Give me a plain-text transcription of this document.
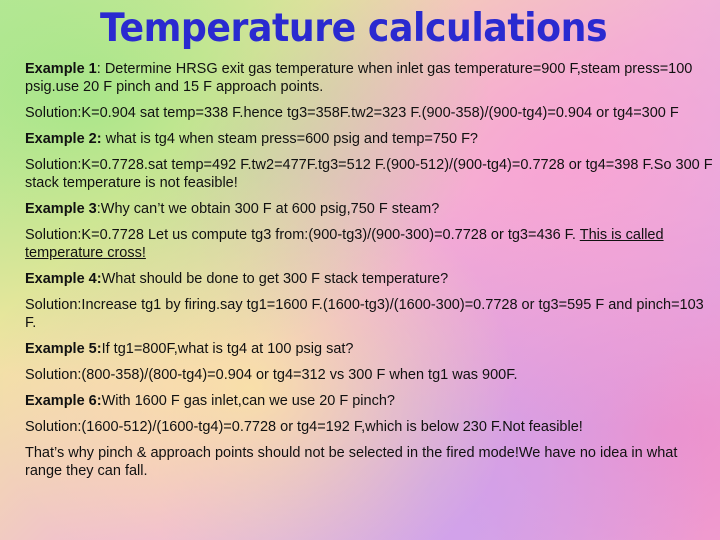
Temperature calculations

Example 1: Determine HRSG exit gas temperature when inlet gas temperature=900 F,steam press=100 psig.use 20 F pinch and 15 F approach points.

Solution:K=0.904 sat temp=338 F.hence tg3=358F.tw2=323 F.(900-358)/(900-tg4)=0.904 or tg4=300 F

Example 2: what is tg4 when steam press=600 psig and temp=750 F?

Solution:K=0.7728.sat temp=492 F.tw2=477F.tg3=512 F.(900-512)/(900-tg4)=0.7728 or tg4=398 F.So 300 F stack temperature is not feasible!

Example 3:Why can’t we obtain 300 F at 600 psig,750 F steam?

Solution:K=0.7728 Let us compute tg3 from:(900-tg3)/(900-300)=0.7728 or tg3=436 F. This is called temperature cross!

Example 4:What should be done to get 300 F stack temperature?

Solution:Increase tg1 by firing.say tg1=1600 F.(1600-tg3)/(1600-300)=0.7728 or tg3=595 F and pinch=103 F.

Example 5:If tg1=800F,what is tg4 at 100 psig sat?

Solution:(800-358)/(800-tg4)=0.904 or tg4=312 vs 300 F when tg1 was 900F.

Example 6:With 1600 F gas inlet,can we use 20 F pinch?

Solution:(1600-512)/(1600-tg4)=0.7728 or tg4=192 F,which is below 230 F.Not feasible!

That’s why pinch & approach points should not be selected in the fired mode!We have no idea in what range they can fall.
